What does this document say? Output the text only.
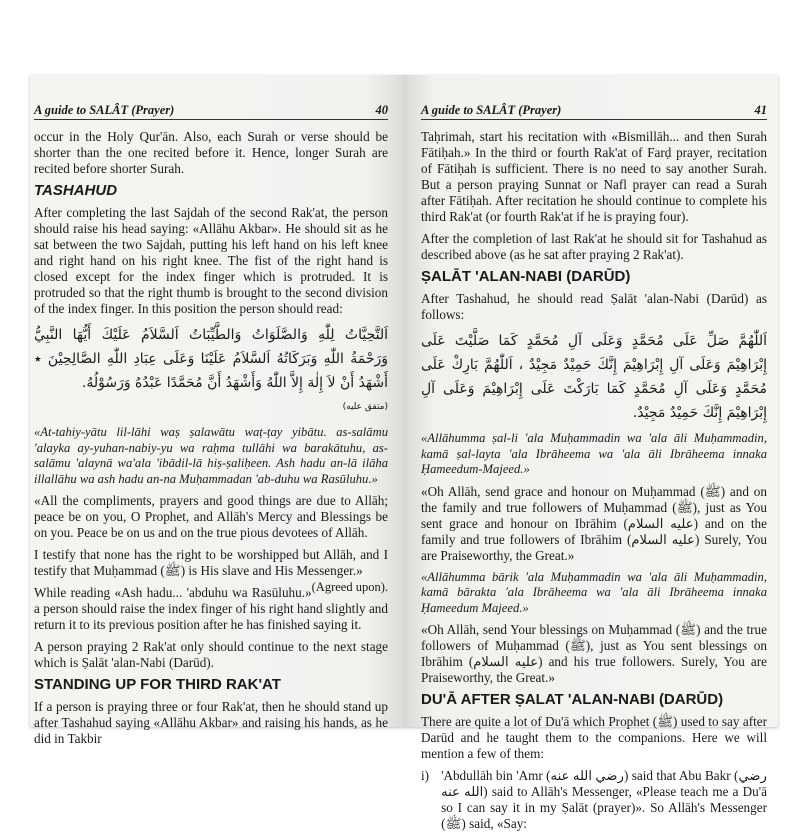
A guide to SALÂT (Prayer)	40

occur in the Holy Qur'ān. Also, each Surah or verse should be shorter than the one recited before it. Hence, longer Surah are recited before shorter Surah.

TASHAHUD

After completing the last Sajdah of the second Rak'at, the person should raise his head saying: «Allāhu Akbar». He should sit as he sat between the two Sajdah, putting his left hand on his left knee and right hand on his right knee. The fist of the right hand is closed except for the index finger which is protruded. It is protruded so that the right thumb is brought to the second division of the index finger. In this position the person should read:

اَلتَّحِيَّاتُ لِلّٰهِ وَالصَّلَوَاتُ وَالطَّيِّبَاتُ اَلسَّلاَمُ عَلَيْكَ أَيُّهَا النَّبِيُّ وَرَحْمَةُ اللّٰهِ وَبَرَكَاتُهُ اَلسَّلاَمُ عَلَيْنَا وَعَلَى عِبَادِ اللّٰهِ الصَّالِحِيْنَ ٭ أَشْهَدُ أَنْ لاَ إِلٰهَ إِلاَّ اللّٰهُ وَأَشْهَدُ أَنَّ مُحَمَّدًا عَبْدُهُ وَرَسُوْلُهُ.
(متفق عليه)

«At-tahiy-yātu lil-lāhi waṣ ṣalawātu waṭ-ṭay yibātu. as-salāmu 'alayka ay-yuhan-nabiy-yu wa raḥma tullāhi wa barakātuhu, as-salāmu 'alaynā wa'ala 'ibādil-lā hiṣ-ṣaliḥeen. Ash hadu an-lā ilāha illallāhu wa ash hadu an-na Muḥammadan 'ab-duhu wa Rasūluhu.»

«All the compliments, prayers and good things are due to Allāh; peace be on you, O Prophet, and Allāh's Mercy and Blessings be on you. Peace be on us and on the true pious devotees of Allāh.

I testify that none has the right to be worshipped but Allāh, and I testify that Muḥammad (ﷺ) is His slave and His Messenger.»
(Agreed upon).

While reading «Ash hadu... 'abduhu wa Rasūluhu.» a person should raise the index finger of his right hand slightly and return it to its previous position after he has finished saying it.

A person praying 2 Rak'at only should continue to the next stage which is Ṣalāt 'alan-Nabi (Darūd).

STANDING UP FOR THIRD RAK'AT

If a person is praying three or four Rak'at, then he should stand up after Tashahud saying «Allāhu Akbar» and raising his hands, as he did in Takbir

A guide to SALÂT (Prayer)	41

Taḥrimah, start his recitation with «Bismillāh... and then Surah Fātiḥah.» In the third or fourth Rak'at of Farḍ prayer, recitation of Fātiḥah is sufficient. There is no need to say another Surah. But a person praying Sunnat or Nafl prayer can read a Surah after Fātiḥah. After recitation he should continue to complete his third Rak'at (or fourth Rak'at if he is praying four).

After the completion of last Rak'at he should sit for Tashahud as described above (as he sat after praying 2 Rak'at).

ṢALĀT 'ALAN-NABI (DARŪD)

After Tashahud, he should read Ṣalāt 'alan-Nabi (Darūd) as follows:

اَللّٰهُمَّ صَلِّ عَلَى مُحَمَّدٍ وَعَلَى آلِ مُحَمَّدٍ كَمَا صَلَّيْتَ عَلَى إِبْرَاهِيْمَ وَعَلَى آلِ إِبْرَاهِيْمَ إِنَّكَ حَمِيْدٌ مَجِيْدٌ ، اَللّٰهُمَّ بَارِكْ عَلَى مُحَمَّدٍ وَعَلَى آلِ مُحَمَّدٍ كَمَا بَارَكْتَ عَلَى إِبْرَاهِيْمَ وَعَلَى آلِ إِبْرَاهِيْمَ إِنَّكَ حَمِيْدٌ مَجِيْدٌ.

«Allāhumma ṣal-li 'ala Muḥammadin wa 'ala āli Muḥammadin, kamā ṣal-layta 'ala Ibrāheema wa 'ala āli Ibrāheema innaka Ḥameedum-Majeed.»

«Oh Allāh, send grace and honour on Muḥammad (ﷺ) and on the family and true followers of Muḥammad (ﷺ), just as You sent grace and honour on Ibrāhim (عليه السلام) and on the family and true followers of Ibrāhim (عليه السلام) Surely, You are Praiseworthy, the Great.»

«Allāhumma bārik 'ala Muḥammadin wa 'ala āli Muḥammadin, kamā bārakta 'ala Ibrāheema wa 'ala āli Ibrāheema innaka Ḥameedum Majeed.»

«Oh Allāh, send Your blessings on Muḥammad (ﷺ) and the true followers of Muḥammad (ﷺ), just as You sent blessings on Ibrāhim (عليه السلام) and his true followers. Surely, You are Praiseworthy, the Great.»

DU'Ā AFTER ṢALAT 'ALAN-NABI (DARŪD)

There are quite a lot of Du'ā which Prophet (ﷺ) used to say after Darūd and he taught them to the companions. Here we will mention a few of them:

i) 'Abdullāh bin 'Amr (رضي الله عنه) said that Abu Bakr (رضي الله عنه) said to Allāh's Messenger, «Please teach me a Du'ā so I can say it in my Ṣalāt (prayer)». So Allāh's Messenger (ﷺ) said, «Say:
